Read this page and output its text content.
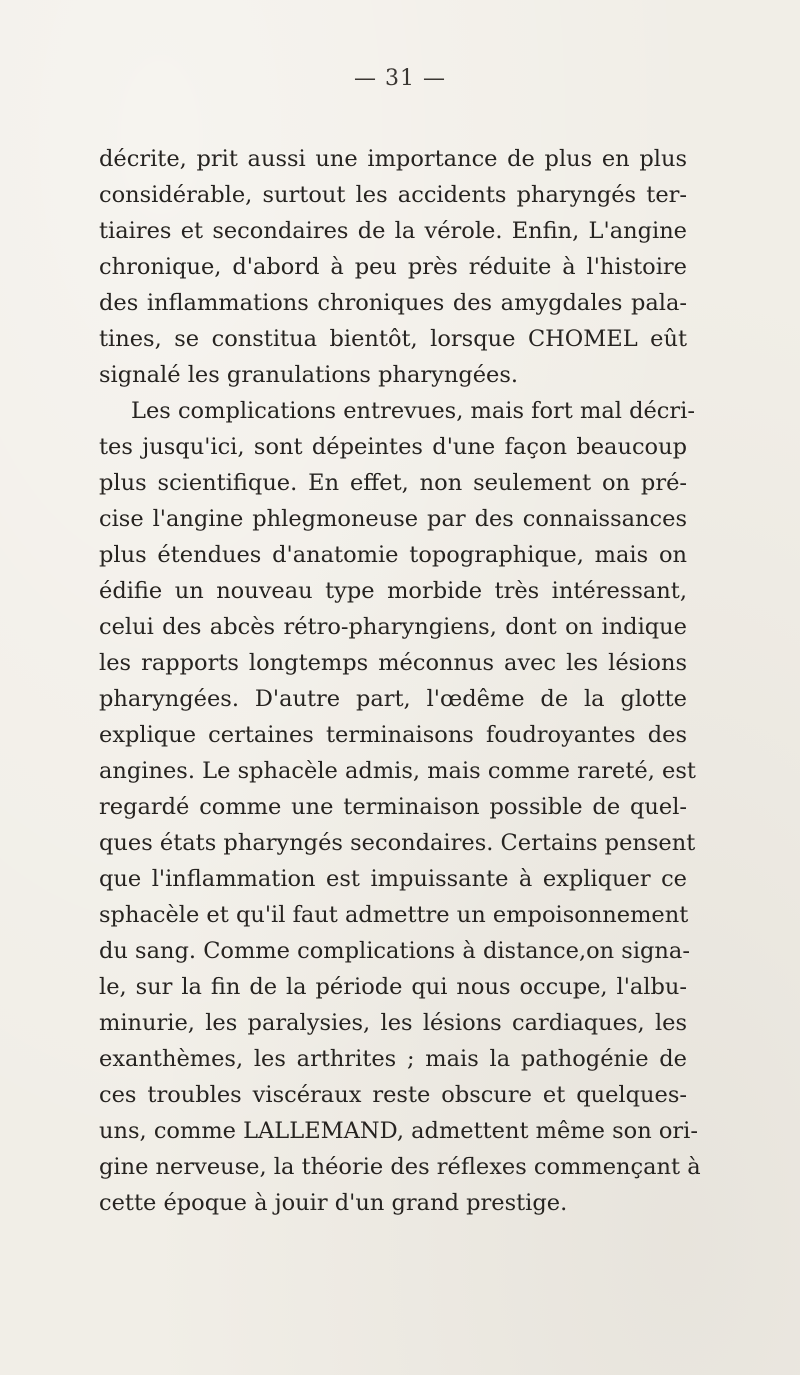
— 31 —
décrite, prit aussi une importance de plus en plus
considérable, surtout les accidents pharyngés ter-
tiaires et secondaires de la vérole. Enfin, L'angine
chronique, d'abord à peu près réduite à l'histoire
des inflammations chroniques des amygdales pala-
tines, se constitua bientôt, lorsque CHOMEL eût
signalé les granulations pharyngées.
Les complications entrevues, mais fort mal décri-
tes jusqu'ici, sont dépeintes d'une façon beaucoup
plus scientifique. En effet, non seulement on pré-
cise l'angine phlegmoneuse par des connaissances
plus étendues d'anatomie topographique, mais on
édifie un nouveau type morbide très intéressant,
celui des abcès rétro-pharyngiens, dont on indique
les rapports longtemps méconnus avec les lésions
pharyngées. D'autre part, l'œdême de la glotte
explique certaines terminaisons foudroyantes des
angines. Le sphacèle admis, mais comme rareté, est
regardé comme une terminaison possible de quel-
ques états pharyngés secondaires. Certains pensent
que l'inflammation est impuissante à expliquer ce
sphacèle et qu'il faut admettre un empoisonnement
du sang. Comme complications à distance,on signa-
le, sur la fin de la période qui nous occupe, l'albu-
minurie, les paralysies, les lésions cardiaques, les
exanthèmes, les arthrites ; mais la pathogénie de
ces troubles viscéraux reste obscure et quelques-
uns, comme LALLEMAND, admettent même son ori-
gine nerveuse, la théorie des réflexes commençant à
cette époque à jouir d'un grand prestige.
